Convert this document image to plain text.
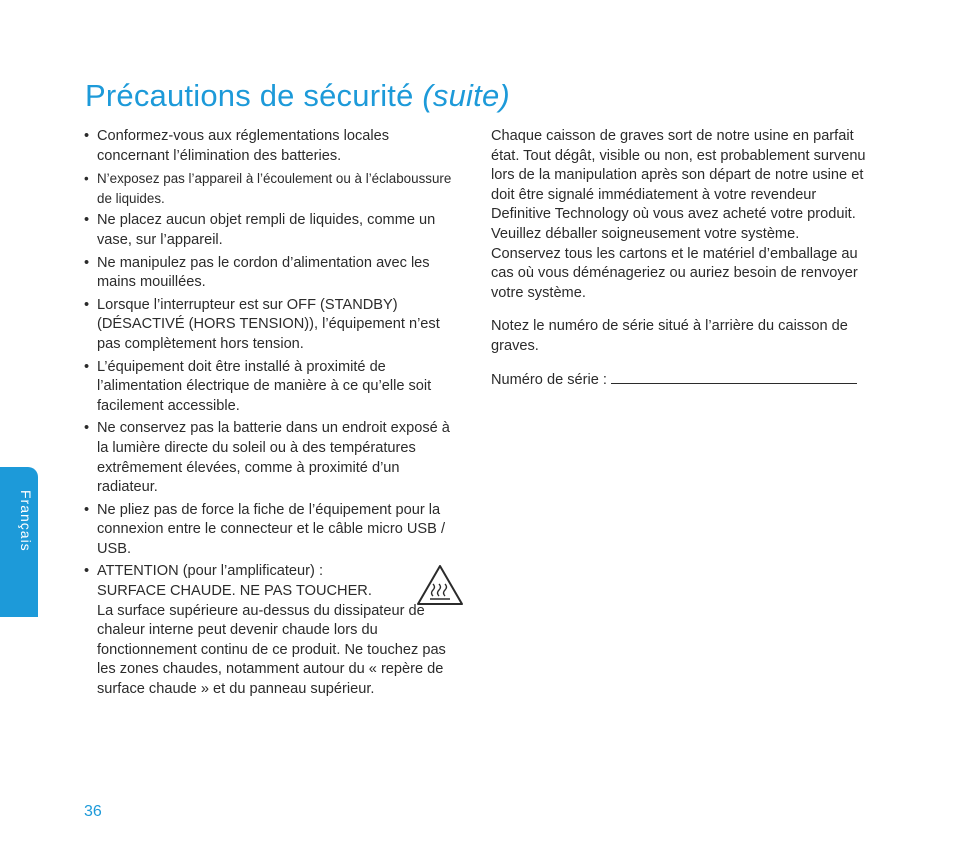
Précautions de sécurité (suite)
• Conformez-vous aux réglementations locales concernant l’élimination des batteries.
• N’exposez pas l’appareil à l’écoulement ou à l’éclaboussure de liquides.
• Ne placez aucun objet rempli de liquides, comme un vase, sur l’appareil.
• Ne manipulez pas le cordon d’alimentation avec les mains mouillées.
• Lorsque l’interrupteur est sur OFF (STANDBY) (DÉSACTIVÉ (HORS TENSION)), l’équipement n’est pas complètement hors tension.
• L’équipement doit être installé à proximité de l’alimentation électrique de manière à ce qu’elle soit facilement accessible.
• Ne conservez pas la batterie dans un endroit exposé à la lumière directe du soleil ou à des températures extrêmement élevées, comme à proximité d’un radiateur.
• Ne pliez pas de force la fiche de l’équipement pour la connexion entre le connecteur et le câble micro USB / USB.
• ATTENTION (pour l’amplificateur) :
SURFACE CHAUDE. NE PAS TOUCHER.
La surface supérieure au-dessus du dissipateur de chaleur interne peut devenir chaude lors du fonctionnement continu de ce produit. Ne touchez pas les zones chaudes, notamment autour du « repère de surface chaude » et du panneau supérieur.

Chaque caisson de graves sort de notre usine en parfait état. Tout dégât, visible ou non, est probablement survenu lors de la manipulation après son départ de notre usine et doit être signalé immédiatement à votre revendeur Definitive Technology où vous avez acheté votre produit. Veuillez déballer soigneusement votre système. Conservez tous les cartons et le matériel d’emballage au cas où vous déménageriez ou auriez besoin de renvoyer votre système.

Notez le numéro de série situé à l’arrière du caisson de graves.

Numéro de série :

Français
36
